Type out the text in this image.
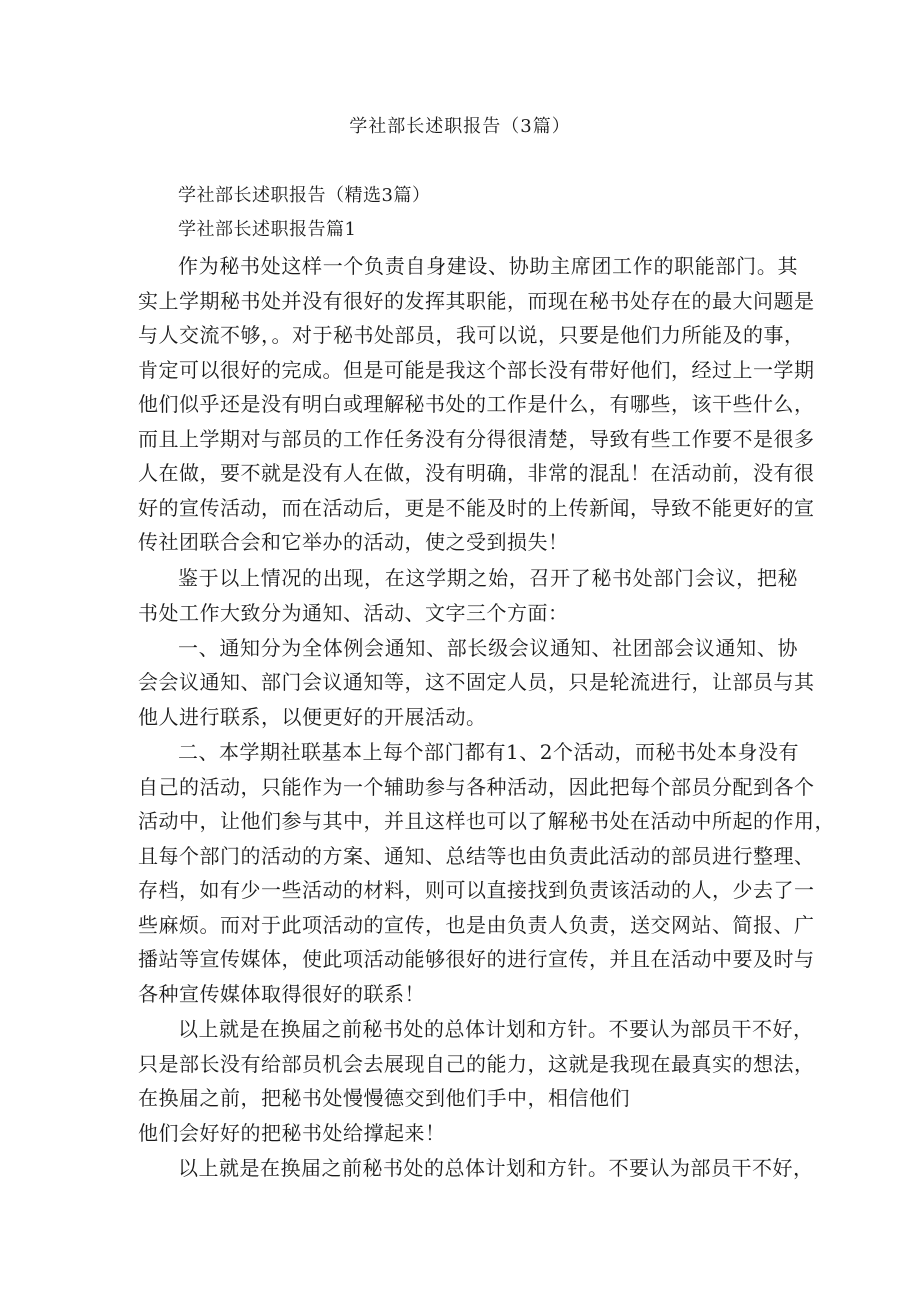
学社部长述职报告（3篇）
学社部长述职报告（精选3篇）
学社部长述职报告篇1
作为秘书处这样一个负责自身建设、协助主席团工作的职能部门。其
实上学期秘书处并没有很好的发挥其职能，而现在秘书处存在的最大问题是
与人交流不够，。对于秘书处部员，我可以说，只要是他们力所能及的事，
肯定可以很好的完成。但是可能是我这个部长没有带好他们，经过上一学期
他们似乎还是没有明白或理解秘书处的工作是什么，有哪些，该干些什么，
而且上学期对与部员的工作任务没有分得很清楚，导致有些工作要不是很多
人在做，要不就是没有人在做，没有明确，非常的混乱！在活动前，没有很
好的宣传活动，而在活动后，更是不能及时的上传新闻，导致不能更好的宣
传社团联合会和它举办的活动，使之受到损失！
鉴于以上情况的出现，在这学期之始，召开了秘书处部门会议，把秘
书处工作大致分为通知、活动、文字三个方面：
一、通知分为全体例会通知、部长级会议通知、社团部会议通知、协
会会议通知、部门会议通知等，这不固定人员，只是轮流进行，让部员与其
他人进行联系，以便更好的开展活动。
二、本学期社联基本上每个部门都有1、2个活动，而秘书处本身没有
自己的活动，只能作为一个辅助参与各种活动，因此把每个部员分配到各个
活动中，让他们参与其中，并且这样也可以了解秘书处在活动中所起的作用，
且每个部门的活动的方案、通知、总结等也由负责此活动的部员进行整理、
存档，如有少一些活动的材料，则可以直接找到负责该活动的人，少去了一
些麻烦。而对于此项活动的宣传，也是由负责人负责，送交网站、简报、广
播站等宣传媒体，使此项活动能够很好的进行宣传，并且在活动中要及时与
各种宣传媒体取得很好的联系！
以上就是在换届之前秘书处的总体计划和方针。不要认为部员干不好，
只是部长没有给部员机会去展现自己的能力，这就是我现在最真实的想法，
在换届之前，把秘书处慢慢德交到他们手中，相信他们
他们会好好的把秘书处给撑起来！
以上就是在换届之前秘书处的总体计划和方针。不要认为部员干不好，
